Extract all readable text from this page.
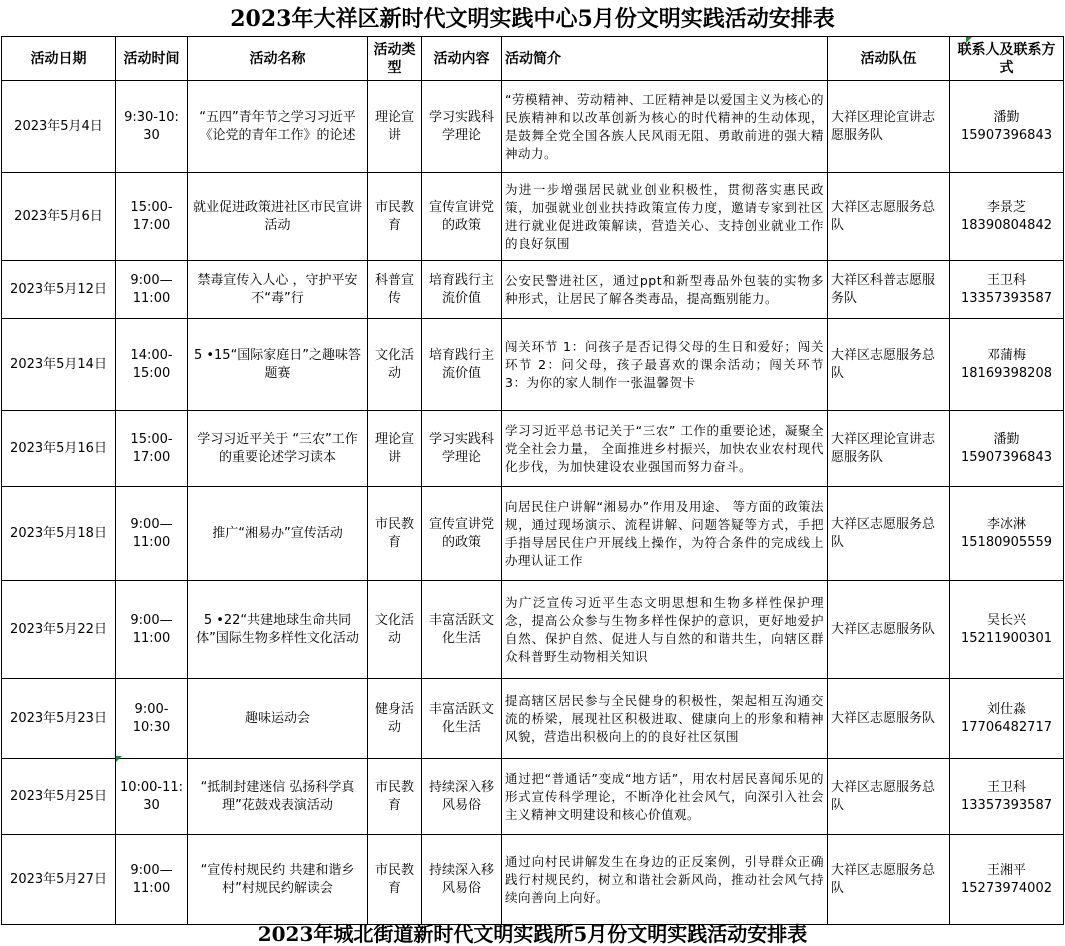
2023年大祥区新时代文明实践中心5月份文明实践活动安排表
活动日期	活动时间	活动名称	活动类型	活动内容	活动简介	活动队伍	联系人及联系方式
2023年5月4日	9:30-10: 30	“五四”青年节之学习习近平《论党的青年工作》的论述	理论宣讲	学习实践科学理论	“劳模精神、劳动精神、工匠精神是以爱国主义为核心的民族精神和以改革创新为核心的时代精神的生动体现，是鼓舞全党全国各族人民风雨无阻、勇敢前进的强大精神动力。	大祥区理论宣讲志愿服务队	潘勤
15907396843

2023年5月6日	15:00-17:00	就业促进政策进社区市民宣讲活动	市民教育	宣传宣讲党的政策	为进一步增强居民就业创业积极性，贯彻落实惠民政策，加强就业创业扶持政策宣传力度，邀请专家到社区进行就业促进政策解读，营造关心、支持创业就业工作的良好氛围	大祥区志愿服务总队	李景芝
18390804842

2023年5月12日	9:00—11:00	禁毒宣传入人心 ，守护平安不“毒”行	科普宣传	培育践行主流价值	公安民警进社区，通过ppt和新型毒品外包装的实物多种形式，让居民了解各类毒品，提高甄别能力。	大祥区科普志愿服务队	王卫科
13357393587

2023年5月14日	14:00-15:00	5 •15“国际家庭日”之趣味答题赛	文化活动	培育践行主流价值	闯关环节 1：问孩子是否记得父母的生日和爱好；闯关环节 2：问父母，孩子最喜欢的课余活动；闯关环节 3：为你的家人制作一张温馨贺卡	大祥区志愿服务总队	邓蒲梅
18169398208

2023年5月16日	15:00-17:00	学习习近平关于 “三农”工作的重要论述学习读本	理论宣讲	学习实践科学理论	学习习近平总书记关于“三农” 工作的重要论述，凝聚全党全社会力量， 全面推进乡村振兴，加快农业农村现代化步伐，为加快建设农业强国而努力奋斗。	大祥区理论宣讲志愿服务队	潘勤
15907396843

2023年5月18日	9:00—11:00	推广“湘易办”宣传活动	市民教育	宣传宣讲党的政策	向居民住户讲解“湘易办”作用及用途、 等方面的政策法规，通过现场演示、流程讲解、问题答疑等方式，手把手指导居民住户开展线上操作，为符合条件的完成线上办理认证工作	大祥区志愿服务总队	李冰淋
15180905559

2023年5月22日	9:00—11:00	5 •22“共建地球生命共同体”国际生物多样性文化活动	文化活动	丰富活跃文化生活	为广泛宣传习近平生态文明思想和生物多样性保护理念，提高公众参与生物多样性保护的意识，更好地爱护自然、保护自然、促进人与自然的和谐共生，向辖区群众科普野生动物相关知识	大祥区志愿服务队	吴长兴
15211900301

2023年5月23日	9:00-10:30	趣味运动会	健身活动	丰富活跃文化生活	提高辖区居民参与全民健身的积极性，架起相互沟通交流的桥梁，展现社区积极进取、健康向上的形象和精神风貌，营造出积极向上的的良好社区氛围	大祥区志愿服务队	刘仕淼
17706482717

2023年5月25日	10:00-11: 30	“抵制封建迷信 弘扬科学真理”花鼓戏表演活动	市民教育	持续深入移风易俗	通过把“普通话”变成“地方话”，用农村居民喜闻乐见的形式宣传科学理论，不断净化社会风气，向深引入社会主义精神文明建设和核心价值观。	大祥区志愿服务总队	王卫科
13357393587

2023年5月27日	9:00—11:00	“宣传村规民约 共建和谐乡村”村规民约解读会	市民教育	持续深入移风易俗	通过向村民讲解发生在身边的正反案例，引导群众正确践行村规民约，树立和谐社会新风尚，推动社会风气持续向善向上向好。	大祥区志愿服务总队	王湘平
15273974002
2023年城北街道新时代文明实践所5月份文明实践活动安排表
